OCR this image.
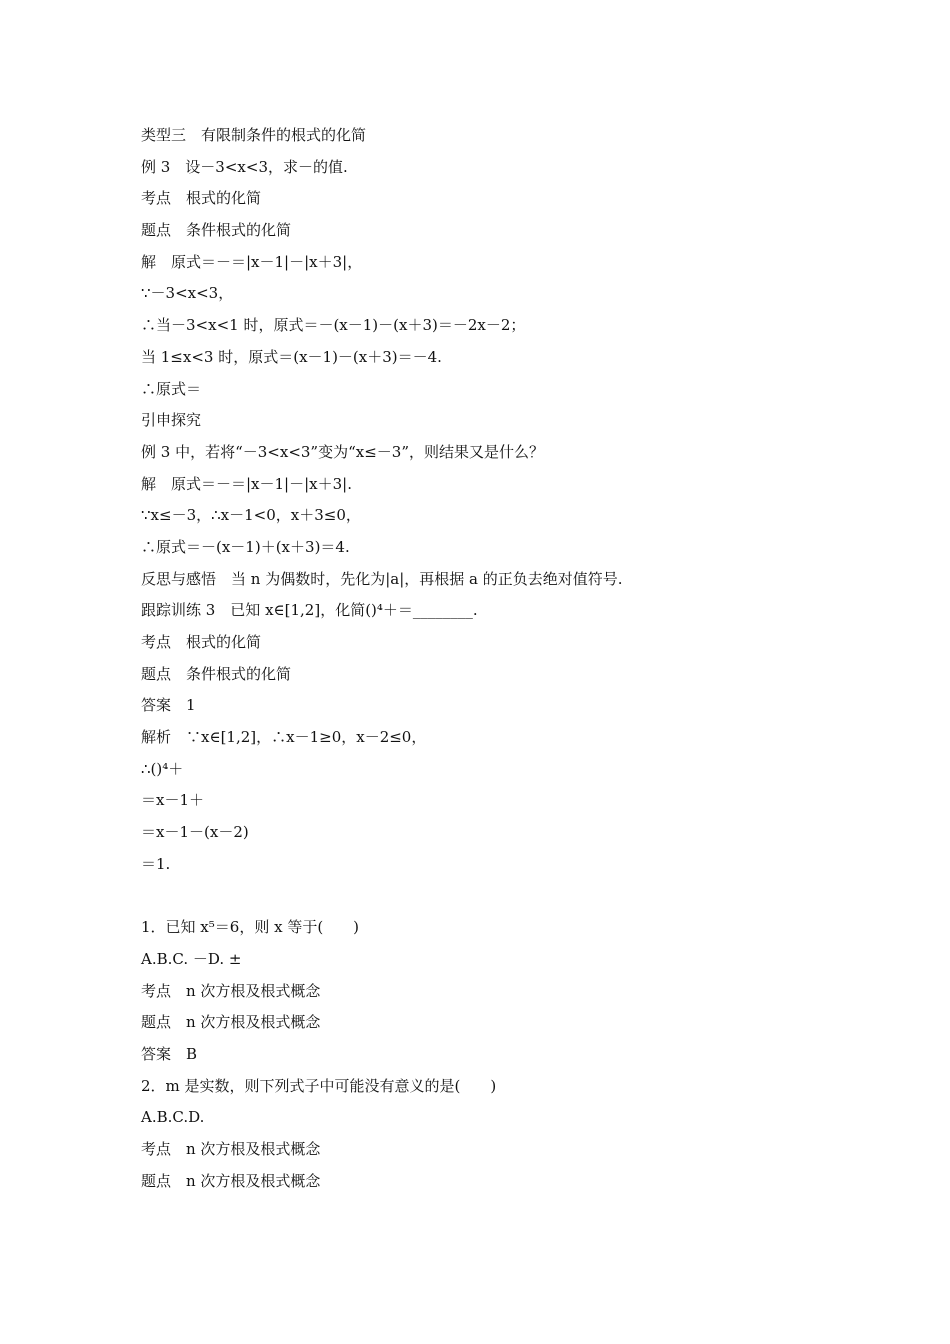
类型三　有限制条件的根式的化简
例 3　设－3<x<3，求－的值.
考点　根式的化简
题点　条件根式的化简
解　原式＝－＝|x－1|－|x＋3|，
∵－3<x<3，
∴当－3<x<1 时，原式＝－(x－1)－(x＋3)＝－2x－2；
当 1≤x<3 时，原式＝(x－1)－(x＋3)＝－4.
∴原式＝
引申探究
例 3 中，若将“－3<x<3”变为“x≤－3”，则结果又是什么？
解　原式＝－＝|x－1|－|x＋3|.
∵x≤－3，∴x－1<0，x＋3≤0，
∴原式＝－(x－1)＋(x＋3)＝4.
反思与感悟　当 n 为偶数时，先化为|a|，再根据 a 的正负去绝对值符号.
跟踪训练 3　已知 x∈[1,2]，化简()⁴＋＝________.
考点　根式的化简
题点　条件根式的化简
答案　1
解析　∵x∈[1,2]，∴x－1≥0，x－2≤0，
∴()⁴＋
＝x－1＋
＝x－1－(x－2)
＝1.
1．已知 x⁵＝6，则 x 等于(　　)
A.B.C. －D. ±
考点　n 次方根及根式概念
题点　n 次方根及根式概念
答案　B
2．m 是实数，则下列式子中可能没有意义的是(　　)
A.B.C.D.
考点　n 次方根及根式概念
题点　n 次方根及根式概念
